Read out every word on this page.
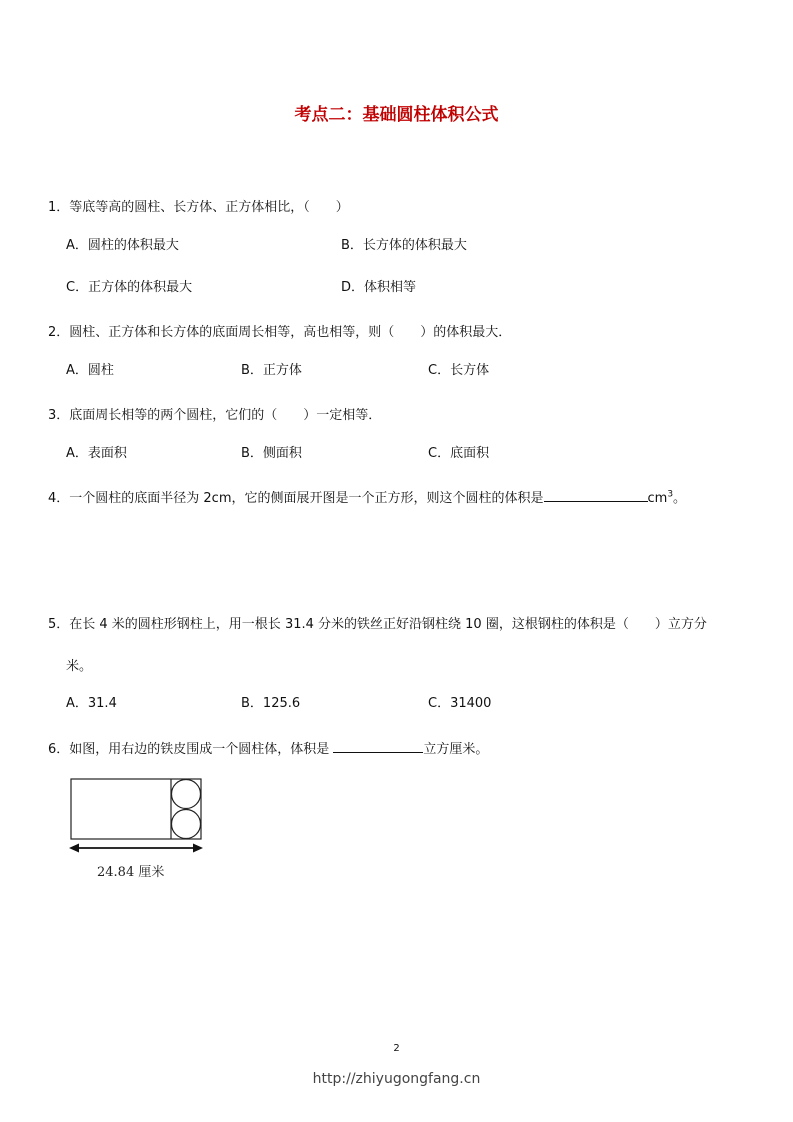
考点二：基础圆柱体积公式
1．等底等高的圆柱、长方体、正方体相比，（　　）
A．圆柱的体积最大	B．长方体的体积最大
C．正方体的体积最大	D．体积相等
2．圆柱、正方体和长方体的底面周长相等，高也相等，则（　　）的体积最大．
A．圆柱	B．正方体	C．长方体
3．底面周长相等的两个圆柱，它们的（　　）一定相等．
A．表面积	B．侧面积	C．底面积
4．一个圆柱的底面半径为 2cm，它的侧面展开图是一个正方形，则这个圆柱的体积是	$cm^3$。
5．在长 4 米的圆柱形钢柱上，用一根长 31.4 分米的铁丝正好沿钢柱绕 10 圈，这根钢柱的体积是（　　）立方分
米。
A．31.4	B．125.6	C．31400
6．如图，用右边的铁皮围成一个圆柱体，体积是	立方厘米。
24.84 厘米
2
http://zhiyugongfang.cn
